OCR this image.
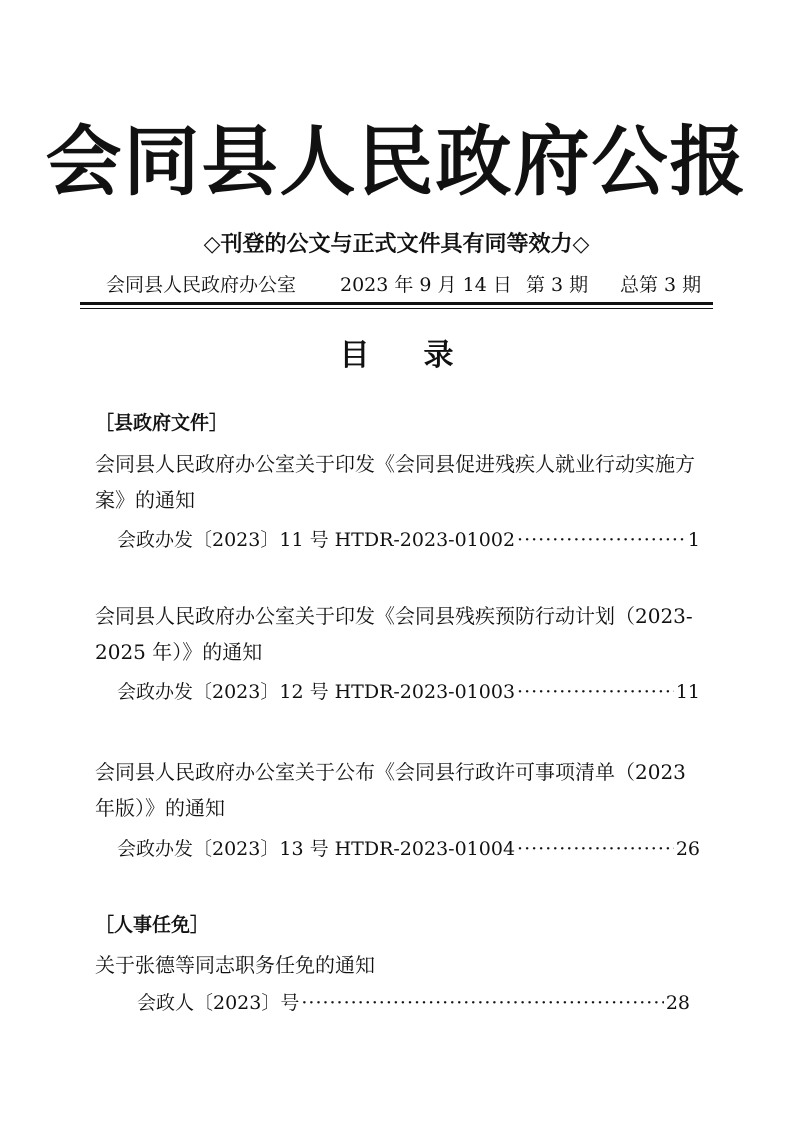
会同县人民政府公报
◇刊登的公文与正式文件具有同等效力◇
会同县人民政府办公室 2023 年 9 月 14 日 第 3 期 总第 3 期
目录
［县政府文件］
会同县人民政府办公室关于印发《会同县促进残疾人就业行动实施方案》的通知
会政办发〔2023〕11 号 HTDR-2023-01002 ·····	1
会同县人民政府办公室关于印发《会同县残疾预防行动计划（2023-2025 年）》的通知
会政办发〔2023〕12 号 HTDR-2023-01003 ·····	11
会同县人民政府办公室关于公布《会同县行政许可事项清单（2023 年版）》的通知
会政办发〔2023〕13 号 HTDR-2023-01004 ·····	26
［人事任免］
关于张德等同志职务任免的通知
会政人〔2023〕号 ·····	28
